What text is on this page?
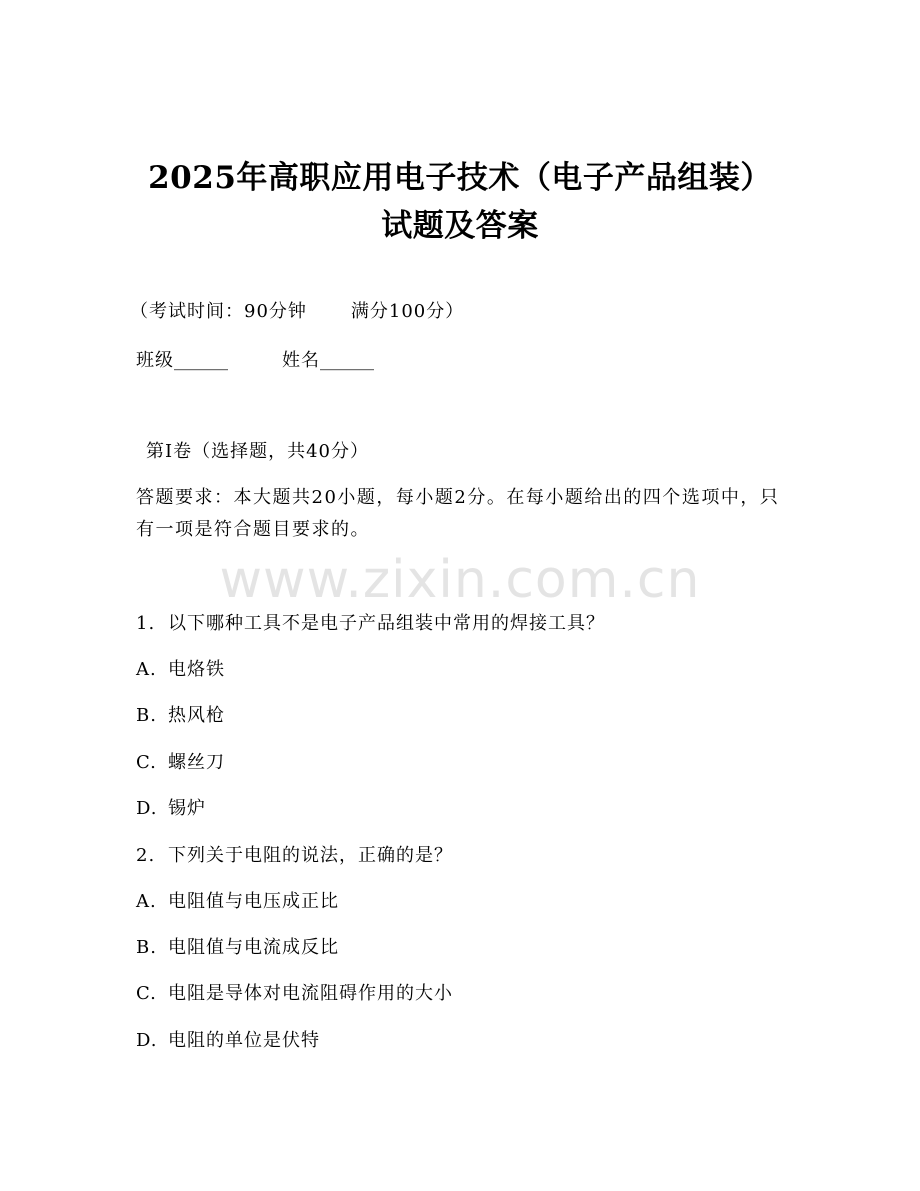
2025年高职应用电子技术（电子产品组装）
试题及答案
（考试时间：90分钟 满分100分）
班级______	姓名______
第I卷（选择题，共40分）
答题要求：本大题共20小题，每小题2分。在每小题给出的四个选项中，只有一项是符合题目要求的。
www.zixin.com.cn
1. 以下哪种工具不是电子产品组装中常用的焊接工具？
A. 电烙铁
B. 热风枪
C. 螺丝刀
D. 锡炉
2. 下列关于电阻的说法，正确的是？
A. 电阻值与电压成正比
B. 电阻值与电流成反比
C. 电阻是导体对电流阻碍作用的大小
D. 电阻的单位是伏特
